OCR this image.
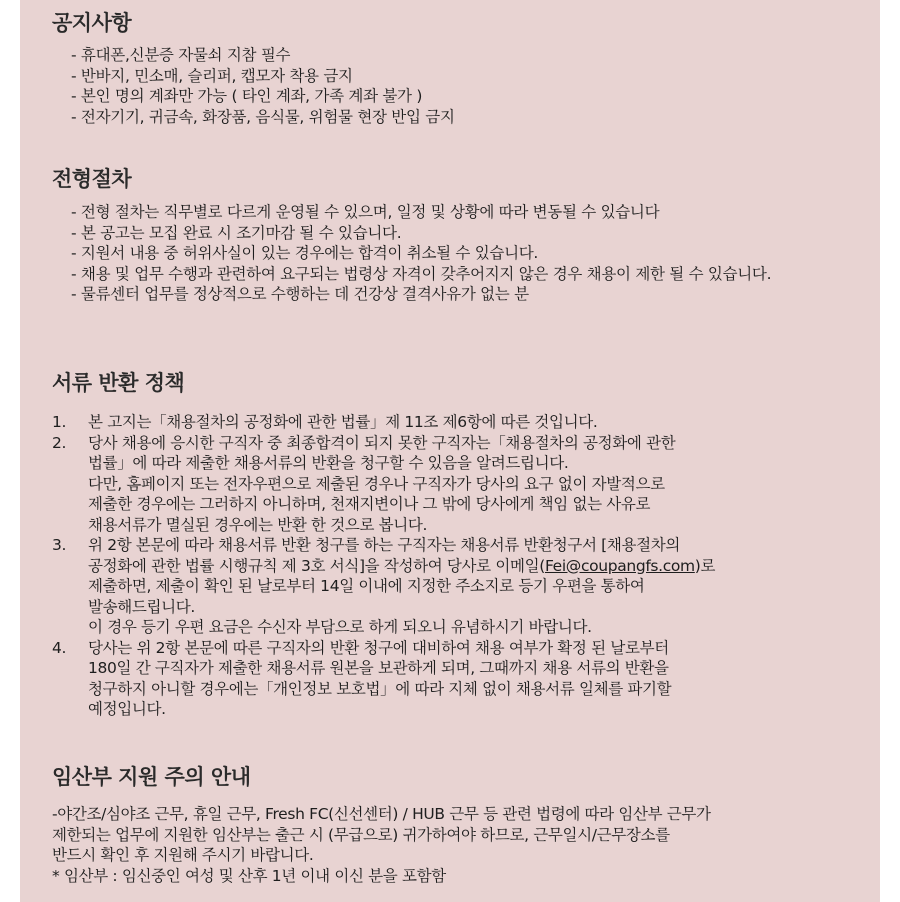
공지사항
- 휴대폰,신분증 자물쇠 지참 필수
- 반바지, 민소매, 슬리퍼, 캡모자 착용 금지
- 본인 명의 계좌만 가능 ( 타인 계좌, 가족 계좌 불가 )
- 전자기기, 귀금속, 화장품, 음식물, 위험물 현장 반입 금지
전형절차
- 전형 절차는 직무별로 다르게 운영될 수 있으며, 일정 및 상황에 따라 변동될 수 있습니다
- 본 공고는 모집 완료 시 조기마감 될 수 있습니다.
- 지원서 내용 중 허위사실이 있는 경우에는 합격이 취소될 수 있습니다.
- 채용 및 업무 수행과 관련하여 요구되는 법령상 자격이 갖추어지지 않은 경우 채용이 제한 될 수 있습니다.
- 물류센터 업무를 정상적으로 수행하는 데 건강상 결격사유가 없는 분
서류 반환 정책
1. 본 고지는「채용절차의 공정화에 관한 법률」제 11조 제6항에 따른 것입니다.

2. 당사 채용에 응시한 구직자 중 최종합격이 되지 못한 구직자는「채용절차의 공정화에 관한

법률」에 따라 제출한 채용서류의 반환을 청구할 수 있음을 알려드립니다.

다만, 홈페이지 또는 전자우편으로 제출된 경우나 구직자가 당사의 요구 없이 자발적으로

제출한 경우에는 그러하지 아니하며, 천재지변이나 그 밖에 당사에게 책임 없는 사유로

채용서류가 멸실된 경우에는 반환 한 것으로 봅니다.

3. 위 2항 본문에 따라 채용서류 반환 청구를 하는 구직자는 채용서류 반환청구서 [채용절차의

공정화에 관한 법률 시행규칙 제 3호 서식]을 작성하여 당사로 이메일(Fei@coupangfs.com)로

제출하면, 제출이 확인 된 날로부터 14일 이내에 지정한 주소지로 등기 우편을 통하여

발송해드립니다.

이 경우 등기 우편 요금은 수신자 부담으로 하게 되오니 유념하시기 바랍니다.

4. 당사는 위 2항 본문에 따른 구직자의 반환 청구에 대비하여 채용 여부가 확정 된 날로부터

180일 간 구직자가 제출한 채용서류 원본을 보관하게 되며, 그때까지 채용 서류의 반환을

청구하지 아니할 경우에는「개인정보 보호법」에 따라 지체 없이 채용서류 일체를 파기할

예정입니다.

임산부 지원 주의 안내

-야간조/심야조 근무, 휴일 근무, Fresh FC(신선센터) / HUB 근무 등 관련 법령에 따라 임산부 근무가

제한되는 업무에 지원한 임산부는 출근 시 (무급으로) 귀가하여야 하므로, 근무일시/근무장소를

반드시 확인 후 지원해 주시기 바랍니다.

* 임산부 : 임신중인 여성 및 산후 1년 이내 이신 분을 포함함
